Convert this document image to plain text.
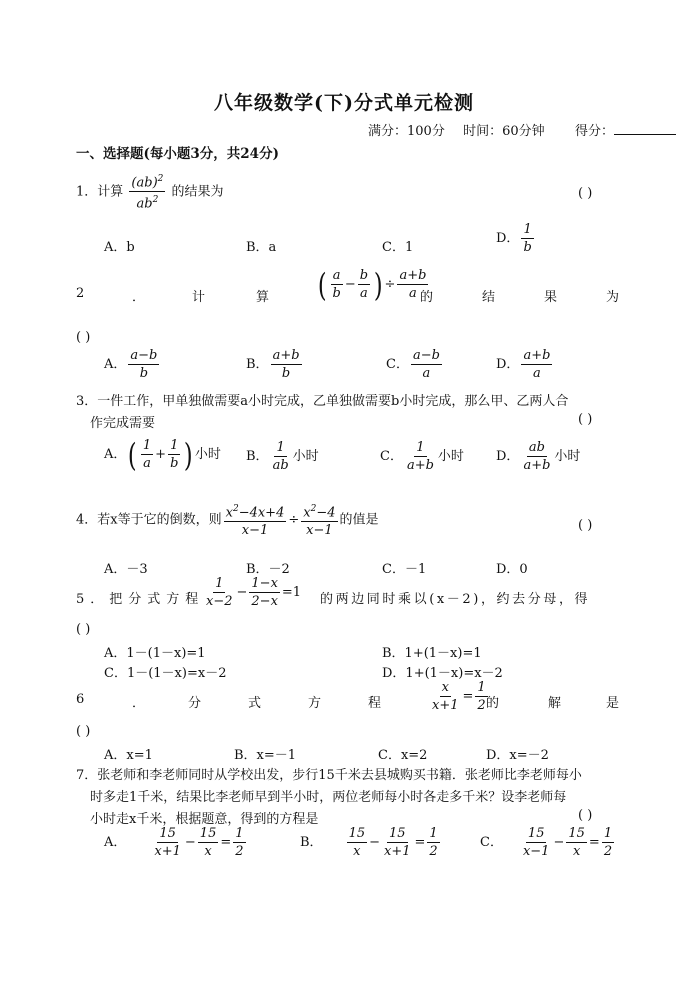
八年级数学(下)分式单元检测
满分：100分 时间：60分钟 得分：
一、选择题(每小题3分，共24分)
1．计算 $\frac{(ab)^2}{ab^2}$ 的结果为	( )
A．b	B．a	C．1
D． $\frac{1}{b}$
2	．	计	算 ( $\frac{a}{b} - \frac{b}{a}$ ) ÷ $\frac{a+b}{a}$
的	结	果	为
( )
A． $\frac{a-b}{b}$	B． $\frac{a+b}{b}$	C． $\frac{a-b}{a}$	D． $\frac{a+b}{a}$
3．一件工作，甲单独做需要a小时完成，乙单独做需要b小时完成，那么甲、乙两人合
作完成需要	( )
A． ( $\frac{1}{a} + \frac{1}{b}$ ) 小时 B． $\frac{1}{ab}$ 小时	C． $\frac{1}{a+b}$ 小时 D． $\frac{ab}{a+b}$ 小时
4．若x等于它的倒数，则 $\frac{x^2-4x+4}{x-1} \div \frac{x^2-4}{x-1}$ 的值是	( )
A．－3	B．－2	C．－1	D．0
5．把分式方程 $\frac{1}{x-2} - \frac{1-x}{2-x} =1$ 的两边同时乘以(x－2)，约去分母，得
( )
A．1－(1－x)=1	B．1+(1－x)=1
C．1－(1－x)=x－2	D．1+(1－x)=x－2
6	．	分	式	方	程	$\frac{x}{x+1} = \frac{1}{2}$
的	解	是
( )
A．x=1	B．x=－1	C．x=2	D．x=－2
7．张老师和李老师同时从学校出发，步行15千米去县城购买书籍．张老师比李老师每小
时多走1千米，结果比李老师早到半小时，两位老师每小时各走多千米？设李老师每
小时走x千米，根据题意，得到的方程是	( )
A． $\frac{15}{x+1} - \frac{15}{x} = \frac{1}{2}$	B． $\frac{15}{x} - \frac{15}{x+1} = \frac{1}{2}$	C． $\frac{15}{x-1} - \frac{15}{x} = \frac{1}{2}$
